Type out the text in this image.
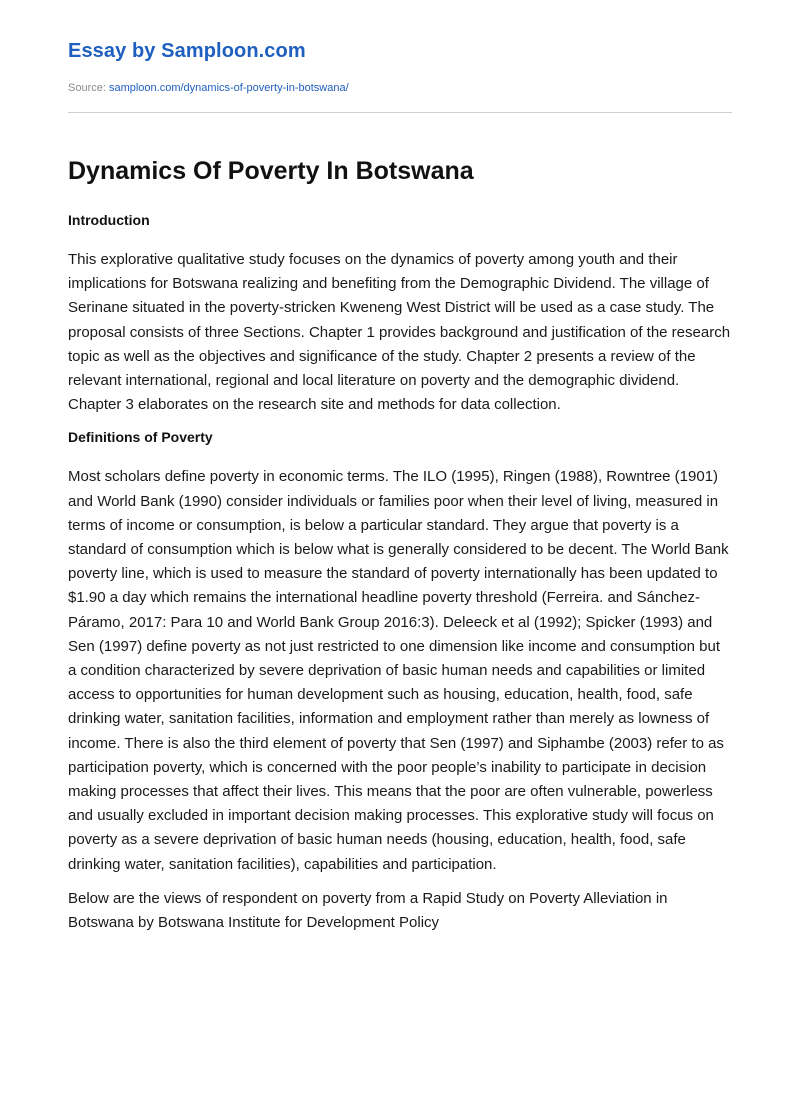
Essay by Samploon.com
Source: samploon.com/dynamics-of-poverty-in-botswana/
Dynamics Of Poverty In Botswana
Introduction

This explorative qualitative study focuses on the dynamics of poverty among youth and their implications for Botswana realizing and benefiting from the Demographic Dividend. The village of Serinane situated in the poverty-stricken Kweneng West District will be used as a case study. The proposal consists of three Sections. Chapter 1 provides background and justification of the research topic as well as the objectives and significance of the study. Chapter 2 presents a review of the relevant international, regional and local literature on poverty and the demographic dividend. Chapter 3 elaborates on the research site and methods for data collection.

Definitions of Poverty

Most scholars define poverty in economic terms. The ILO (1995), Ringen (1988), Rowntree (1901) and World Bank (1990) consider individuals or families poor when their level of living, measured in terms of income or consumption, is below a particular standard. They argue that poverty is a standard of consumption which is below what is generally considered to be decent. The World Bank poverty line, which is used to measure the standard of poverty internationally has been updated to $1.90 a day which remains the international headline poverty threshold (Ferreira. and Sánchez-Páramo, 2017: Para 10 and World Bank Group 2016:3). Deleeck et al (1992); Spicker (1993) and Sen (1997) define poverty as not just restricted to one dimension like income and consumption but a condition characterized by severe deprivation of basic human needs and capabilities or limited access to opportunities for human development such as housing, education, health, food, safe drinking water, sanitation facilities, information and employment rather than merely as lowness of income. There is also the third element of poverty that Sen (1997) and Siphambe (2003) refer to as participation poverty, which is concerned with the poor people’s inability to participate in decision making processes that affect their lives. This means that the poor are often vulnerable, powerless and usually excluded in important decision making processes. This explorative study will focus on poverty as a severe deprivation of basic human needs (housing, education, health, food, safe drinking water, sanitation facilities), capabilities and participation.

Below are the views of respondent on poverty from a Rapid Study on Poverty Alleviation in Botswana by Botswana Institute for Development Policy
